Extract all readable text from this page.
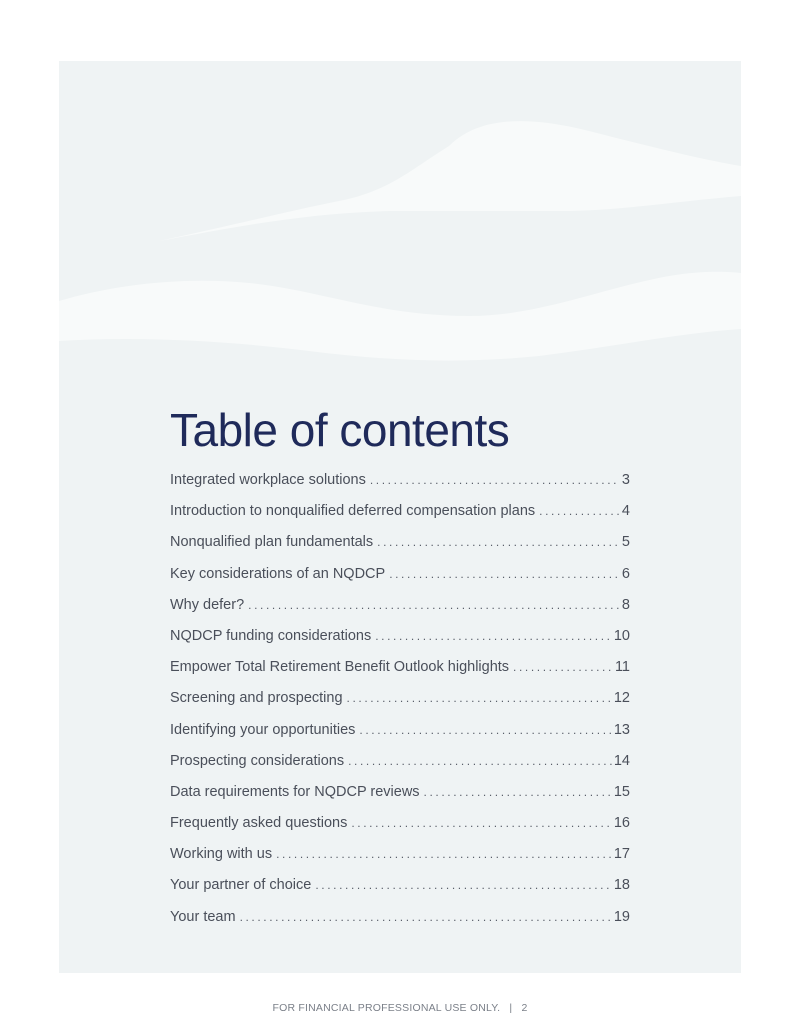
Table of contents
Integrated workplace solutions .....	3
Introduction to nonqualified deferred compensation plans .....	4
Nonqualified plan fundamentals .....	5
Key considerations of an NQDCP .....	6
Why defer? .....	8
NQDCP funding considerations .....	10
Empower Total Retirement Benefit Outlook highlights .....	11
Screening and prospecting .....	12
Identifying your opportunities .....	13
Prospecting considerations .....	14
Data requirements for NQDCP reviews .....	15
Frequently asked questions .....	16
Working with us .....	17
Your partner of choice .....	18
Your team .....	19
FOR FINANCIAL PROFESSIONAL USE ONLY. | 2
